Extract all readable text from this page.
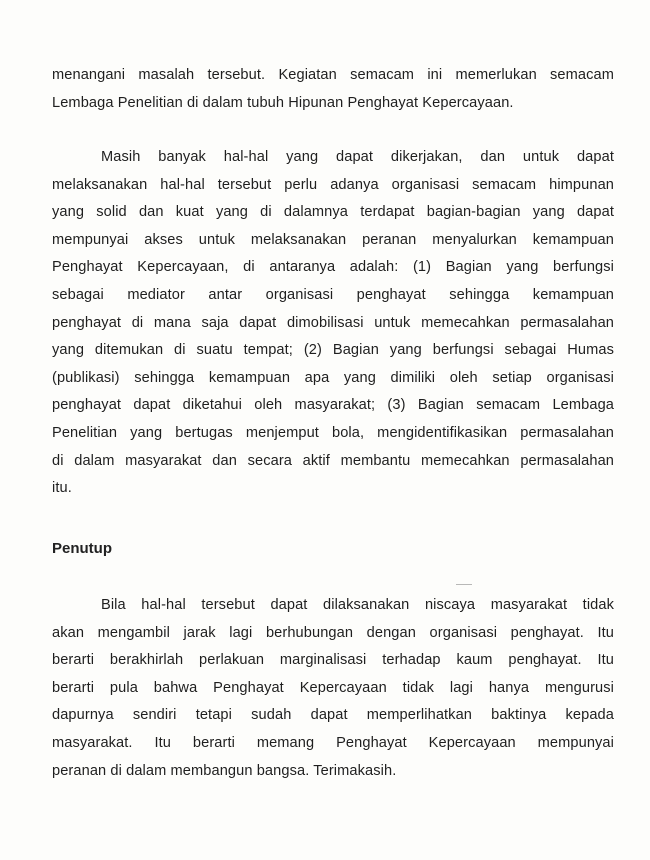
menangani masalah tersebut. Kegiatan semacam ini memerlukan semacam
Lembaga Penelitian di dalam tubuh Hipunan Penghayat Kepercayaan.
Masih banyak hal-hal yang dapat dikerjakan, dan untuk dapat
melaksanakan hal-hal tersebut perlu adanya organisasi semacam himpunan
yang solid dan kuat yang di dalamnya terdapat bagian-bagian yang dapat
mempunyai akses untuk melaksanakan peranan menyalurkan kemampuan
Penghayat Kepercayaan, di antaranya adalah: (1) Bagian yang berfungsi
sebagai mediator antar organisasi penghayat sehingga kemampuan
penghayat di mana saja dapat dimobilisasi untuk memecahkan permasalahan
yang ditemukan di suatu tempat; (2) Bagian yang berfungsi sebagai Humas
(publikasi) sehingga kemampuan apa yang dimiliki oleh setiap organisasi
penghayat dapat diketahui oleh masyarakat; (3) Bagian semacam Lembaga
Penelitian yang bertugas menjemput bola, mengidentifikasikan permasalahan
di dalam masyarakat dan secara aktif membantu memecahkan permasalahan
itu.
Penutup
Bila hal-hal tersebut dapat dilaksanakan niscaya masyarakat tidak
akan mengambil jarak lagi berhubungan dengan organisasi penghayat. Itu
berarti berakhirlah perlakuan marginalisasi terhadap kaum penghayat. Itu
berarti pula bahwa Penghayat Kepercayaan tidak lagi hanya mengurusi
dapurnya sendiri tetapi sudah dapat memperlihatkan baktinya kepada
masyarakat. Itu berarti memang Penghayat Kepercayaan mempunyai
peranan di dalam membangun bangsa. Terimakasih.
